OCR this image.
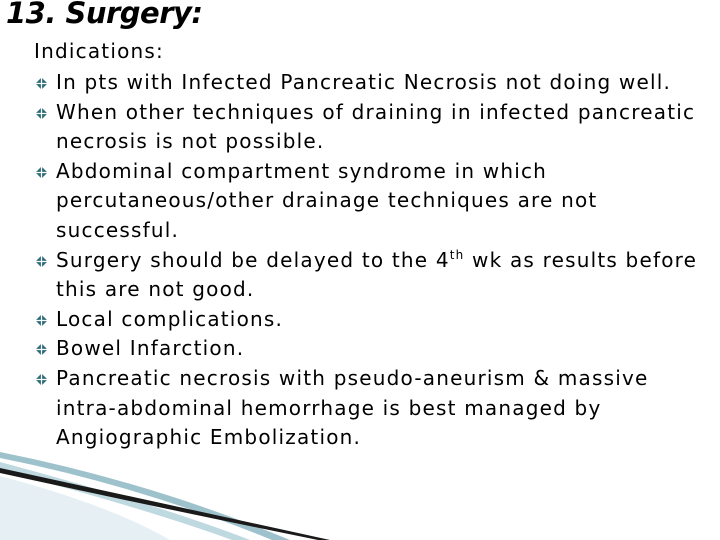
13. Surgery:

Indications:

In pts with Infected Pancreatic Necrosis not doing well.
When other techniques of draining in infected pancreatic necrosis is not possible.
Abdominal compartment syndrome in which percutaneous/other drainage techniques are not successful.
Surgery should be delayed to the 4th wk as results before this are not good.
Local complications.
Bowel Infarction.
Pancreatic necrosis with pseudo-aneurism & massive intra-abdominal hemorrhage is best managed by Angiographic Embolization.
